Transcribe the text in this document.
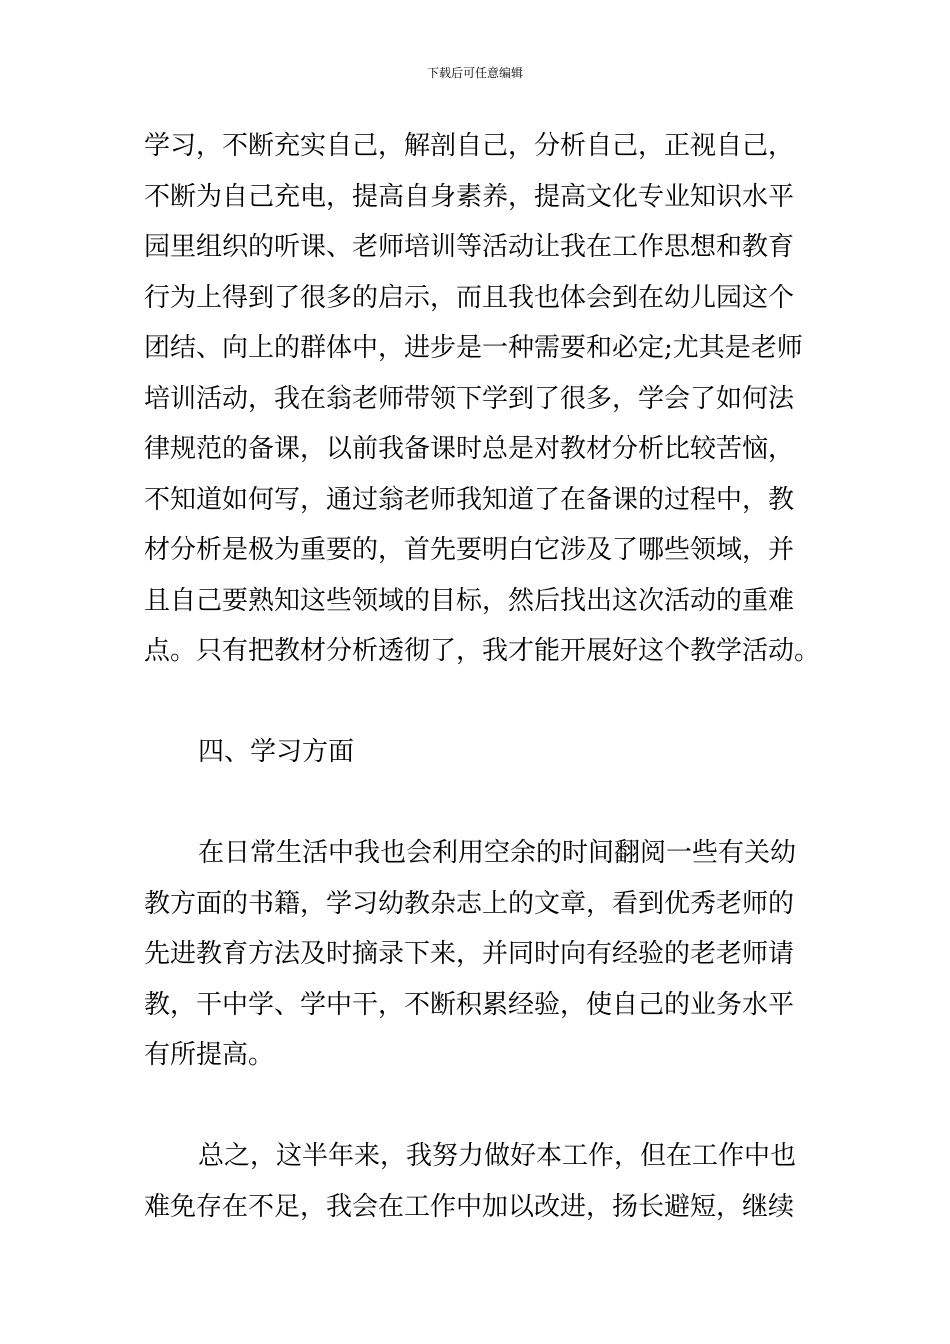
下载后可任意编辑
学习，不断充实自己，解剖自己，分析自己，正视自己，
不断为自己充电，提高自身素养，提高文化专业知识水平
园里组织的听课、老师培训等活动让我在工作思想和教育
行为上得到了很多的启示，而且我也体会到在幼儿园这个
团结、向上的群体中，进步是一种需要和必定;尤其是老师
培训活动，我在翁老师带领下学到了很多，学会了如何法
律规范的备课，以前我备课时总是对教材分析比较苦恼，
不知道如何写，通过翁老师我知道了在备课的过程中，教
材分析是极为重要的，首先要明白它涉及了哪些领域，并
且自己要熟知这些领域的目标，然后找出这次活动的重难
点。只有把教材分析透彻了，我才能开展好这个教学活动。
四、学习方面
在日常生活中我也会利用空余的时间翻阅一些有关幼
教方面的书籍，学习幼教杂志上的文章，看到优秀老师的
先进教育方法及时摘录下来，并同时向有经验的老老师请
教，干中学、学中干，不断积累经验，使自己的业务水平
有所提高。
总之，这半年来，我努力做好本工作，但在工作中也
难免存在不足，我会在工作中加以改进，扬长避短，继续
